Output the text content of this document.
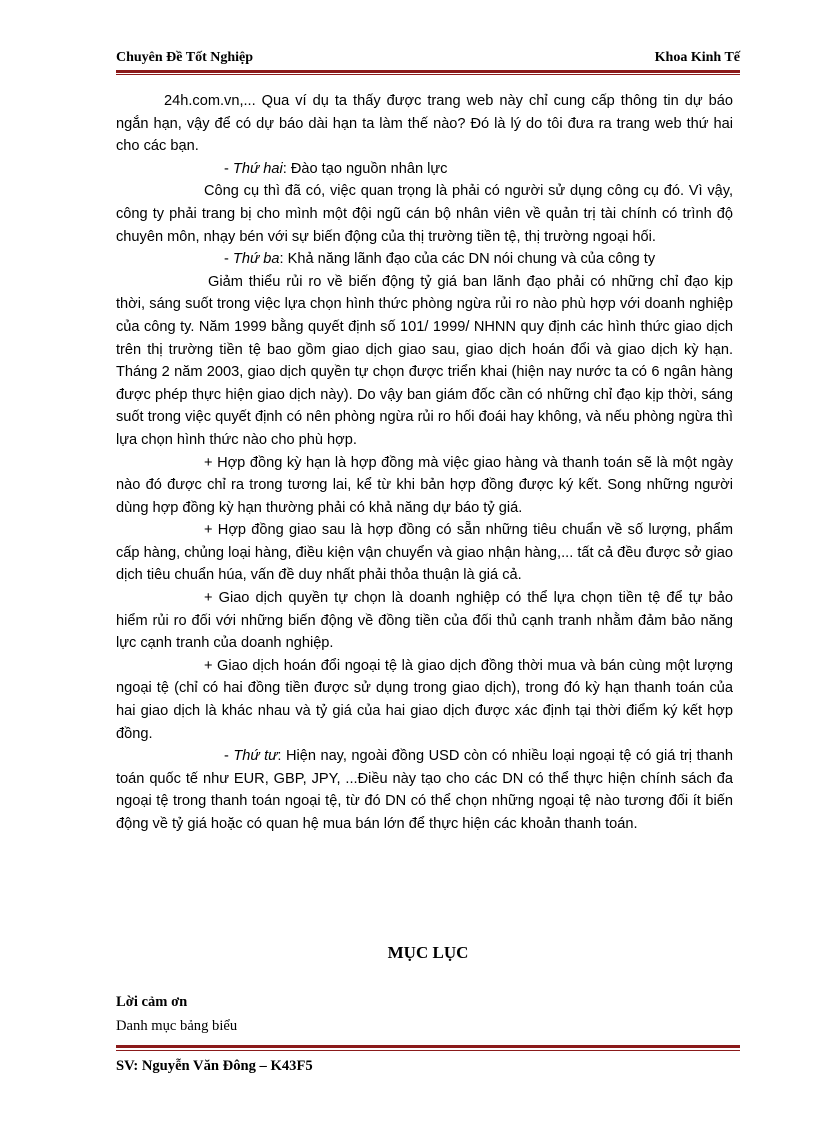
Chuyên Đề Tốt Nghiệp	Khoa Kinh Tế

24h.com.vn,... Qua ví dụ ta thấy được trang web này chỉ cung cấp thông tin dự báo ngắn hạn, vậy để có dự báo dài hạn ta làm thế nào? Đó là lý do tôi đưa ra trang web thứ hai cho các bạn.

- Thứ hai: Đào tạo nguồn nhân lực

Công cụ thì đã có, việc quan trọng là phải có người sử dụng công cụ đó. Vì vậy, công ty phải trang bị cho mình một đội ngũ cán bộ nhân viên về quản trị tài chính có trình độ chuyên môn, nhạy bén với sự biến động của thị trường tiền tệ, thị trường ngoại hối.

- Thứ ba: Khả năng lãnh đạo của các DN nói chung và của công ty

Giảm thiểu rủi ro về biến động tỷ giá ban lãnh đạo phải có những chỉ đạo kịp thời, sáng suốt trong việc lựa chọn hình thức phòng ngừa rủi ro nào phù hợp với doanh nghiệp của công ty. Năm 1999 bằng quyết định số 101/ 1999/ NHNN quy định các hình thức giao dịch trên thị trường tiền tệ bao gồm giao dịch giao sau, giao dịch hoán đổi và giao dịch kỳ hạn. Tháng 2 năm 2003, giao dịch quyền tự chọn được triển khai (hiện nay nước ta có 6 ngân hàng được phép thực hiện giao dịch này). Do vậy ban giám đốc cần có những chỉ đạo kịp thời, sáng suốt trong việc quyết định có nên phòng ngừa rủi ro hối đoái hay không, và nếu phòng ngừa thì lựa chọn hình thức nào cho phù hợp.

+ Hợp đồng kỳ hạn là hợp đồng mà việc giao hàng và thanh toán sẽ là một ngày nào đó được chỉ ra trong tương lai, kể từ khi bản hợp đồng được ký kết. Song những người dùng hợp đồng kỳ hạn thường phải có khả năng dự báo tỷ giá.

+ Hợp đồng giao sau là hợp đồng có sẵn những tiêu chuẩn về số lượng, phẩm cấp hàng, chủng loại hàng, điều kiện vận chuyển và giao nhận hàng,... tất cả đều được sở giao dịch tiêu chuẩn húa, vấn đề duy nhất phải thỏa thuận là giá cả.

+ Giao dịch quyền tự chọn là doanh nghiệp có thể lựa chọn tiền tệ để tự bảo hiểm rủi ro đối với những biến động về đồng tiền của đối thủ cạnh tranh nhằm đảm bảo năng lực cạnh tranh của doanh nghiệp.

+ Giao dịch hoán đổi ngoại tệ là giao dịch đồng thời mua và bán cùng một lượng ngoại tệ (chỉ có hai đồng tiền được sử dụng trong giao dịch), trong đó kỳ hạn thanh toán của hai giao dịch là khác nhau và tỷ giá của hai giao dịch được xác định tại thời điểm ký kết hợp đồng.

- Thứ tư: Hiện nay, ngoài đồng USD còn có nhiều loại ngoại tệ có giá trị thanh toán quốc tế như EUR, GBP, JPY, ...Điều này tạo cho các DN có thể thực hiện chính sách đa ngoại tệ trong thanh toán ngoại tệ, từ đó DN có thể chọn những ngoại tệ nào tương đối ít biến động về tỷ giá hoặc có quan hệ mua bán lớn để thực hiện các khoản thanh toán.

MỤC LỤC
Lời cảm ơn
Danh mục bảng biểu
SV: Nguyễn Văn Đông – K43F5
